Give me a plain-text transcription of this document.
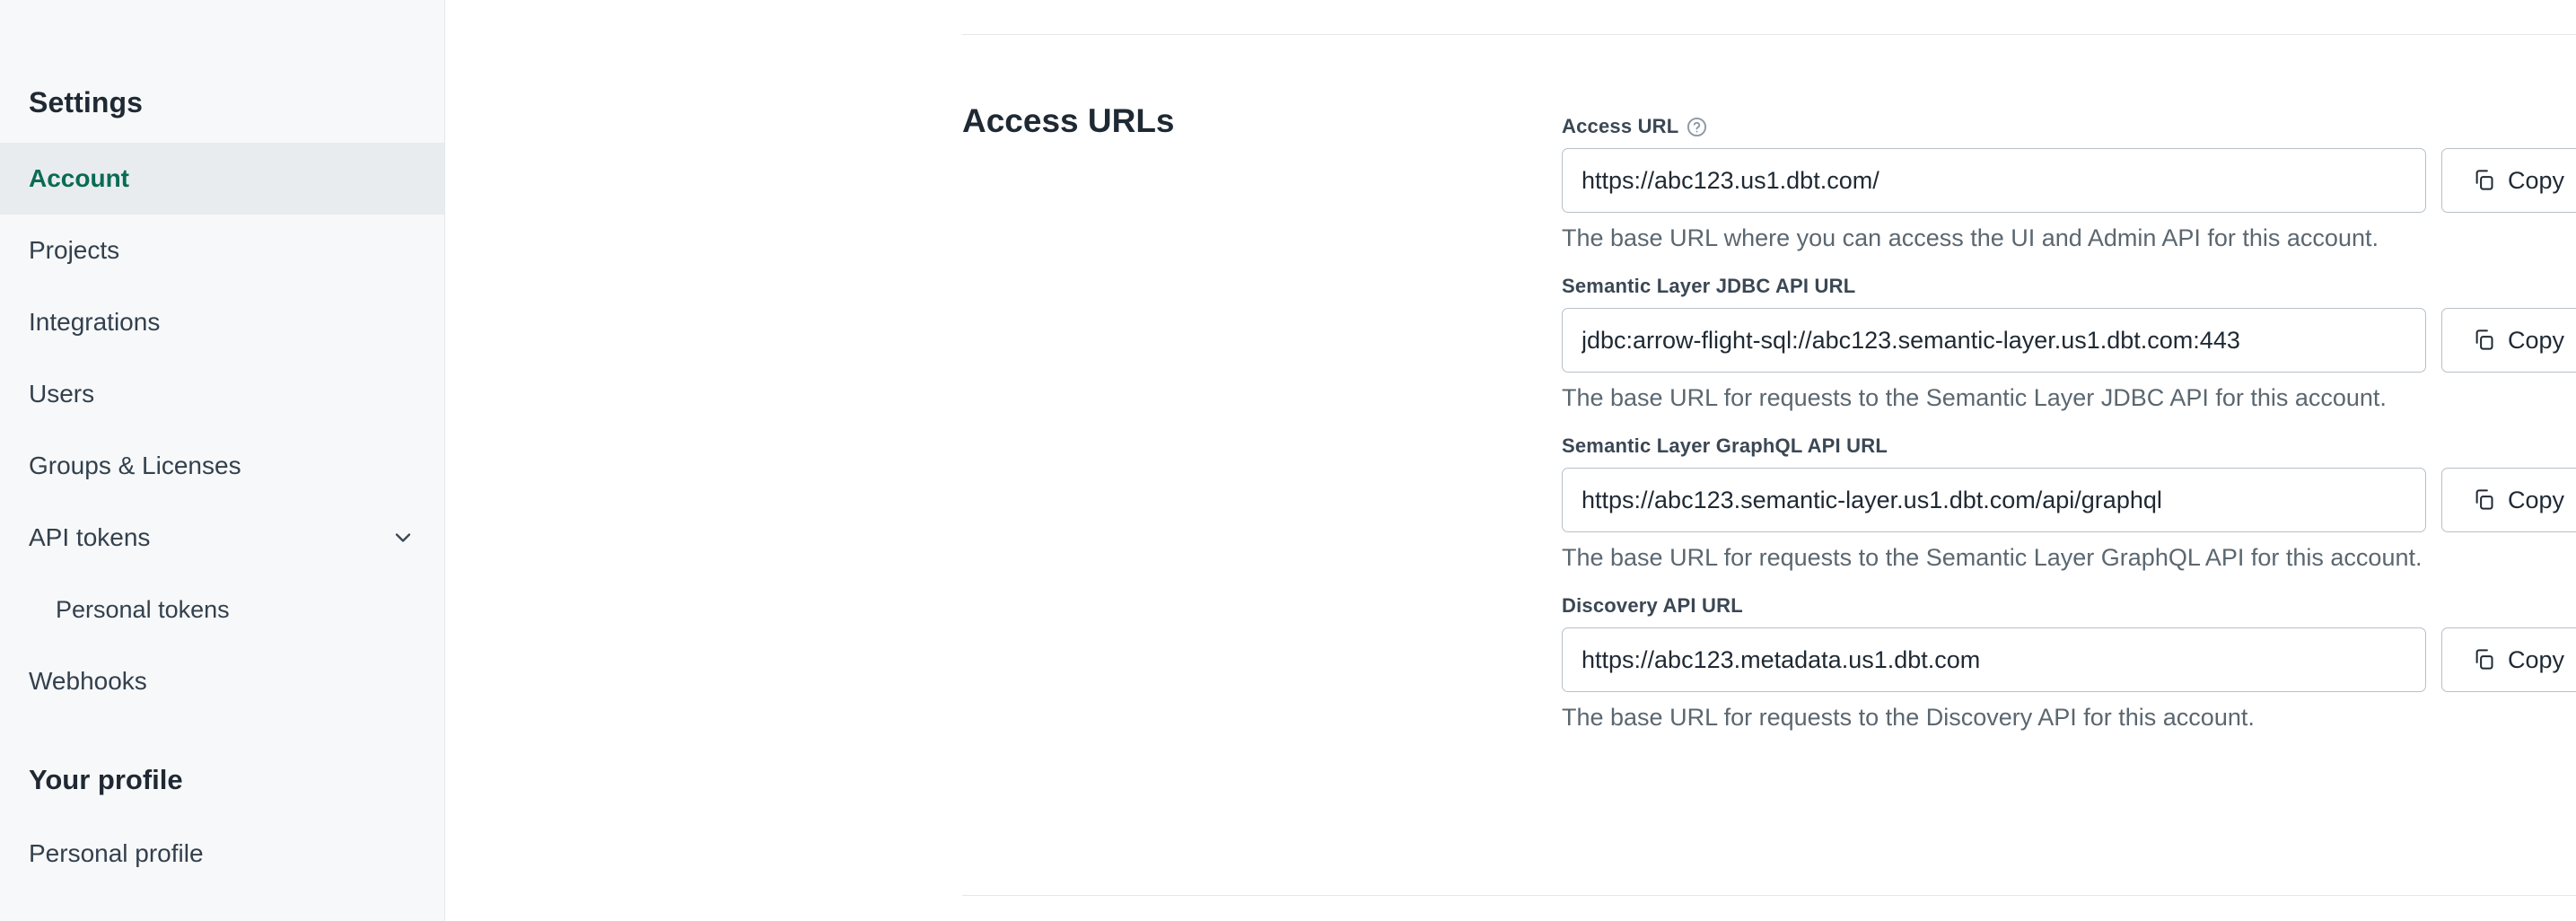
Settings
Account
Projects
Integrations
Users
Groups & Licenses
API tokens
Personal tokens
Webhooks
Your profile
Personal profile
Access URLs	Access URL
https://abc123.us1.dbt.com/
Copy
The base URL where you can access the UI and Admin API for this account.
Semantic Layer JDBC API URL
jdbc:arrow-flight-sql://abc123.semantic-layer.us1.dbt.com:443
Copy
The base URL for requests to the Semantic Layer JDBC API for this account.
Semantic Layer GraphQL API URL
https://abc123.semantic-layer.us1.dbt.com/api/graphql
Copy
The base URL for requests to the Semantic Layer GraphQL API for this account.
Discovery API URL
https://abc123.metadata.us1.dbt.com
Copy
The base URL for requests to the Discovery API for this account.
